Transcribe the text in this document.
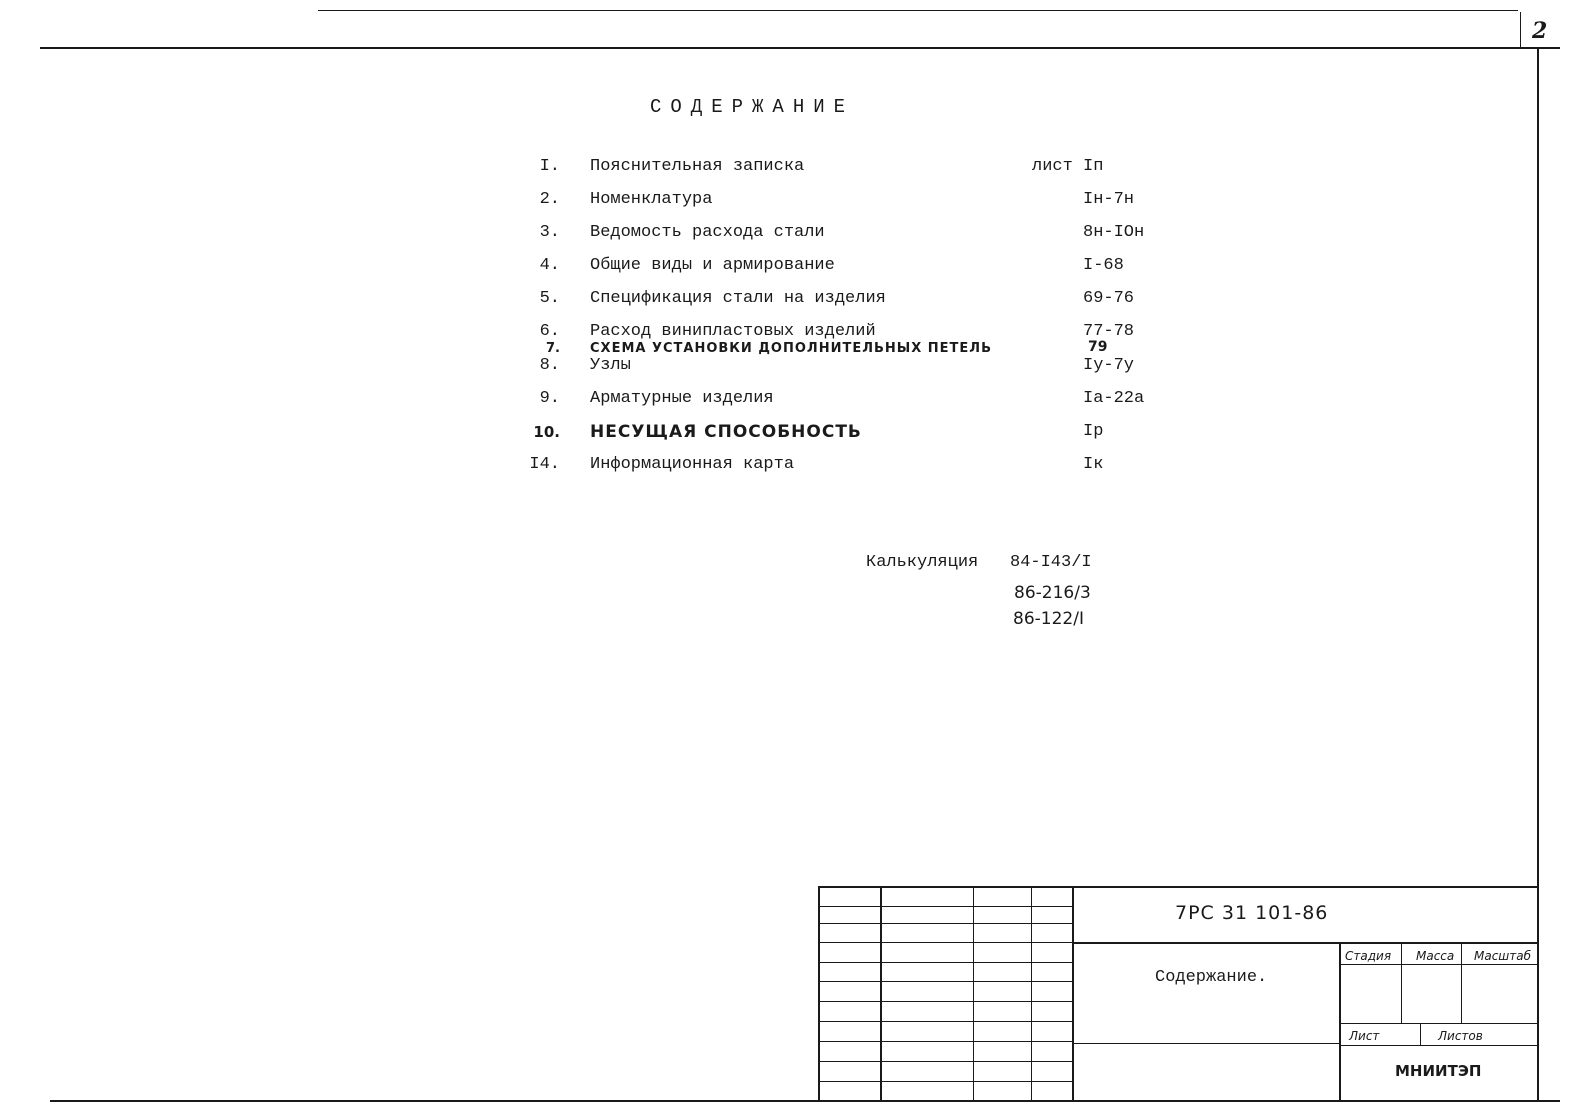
2
СОДЕРЖАНИЕ
I. Пояснительная записка	лист Iп
2. Номенклатура	Iн-7н
3. Ведомость расхода стали	8н-IOн
4. Общие виды и армирование	I-68
5. Спецификация стали на изделия	69-76
6. Расход винипластовых изделий	77-78
7. СХЕМА УСТАНОВКИ ДОПОЛНИТЕЛЬНЫХ ПЕТЕЛЬ	79
8. Узлы	Iу-7у
9. Арматурные изделия	Iа-22а
10. НЕСУЩАЯ СПОСОБНОСТЬ	Iр
I4. Информационная карта	Iк
Калькуляция 84-I43/I
86-216/3
86-122/I
7РС 31 101-86
Содержание.
Стадия Масса Масштаб
Лист	Листов
МНИИТЭП
